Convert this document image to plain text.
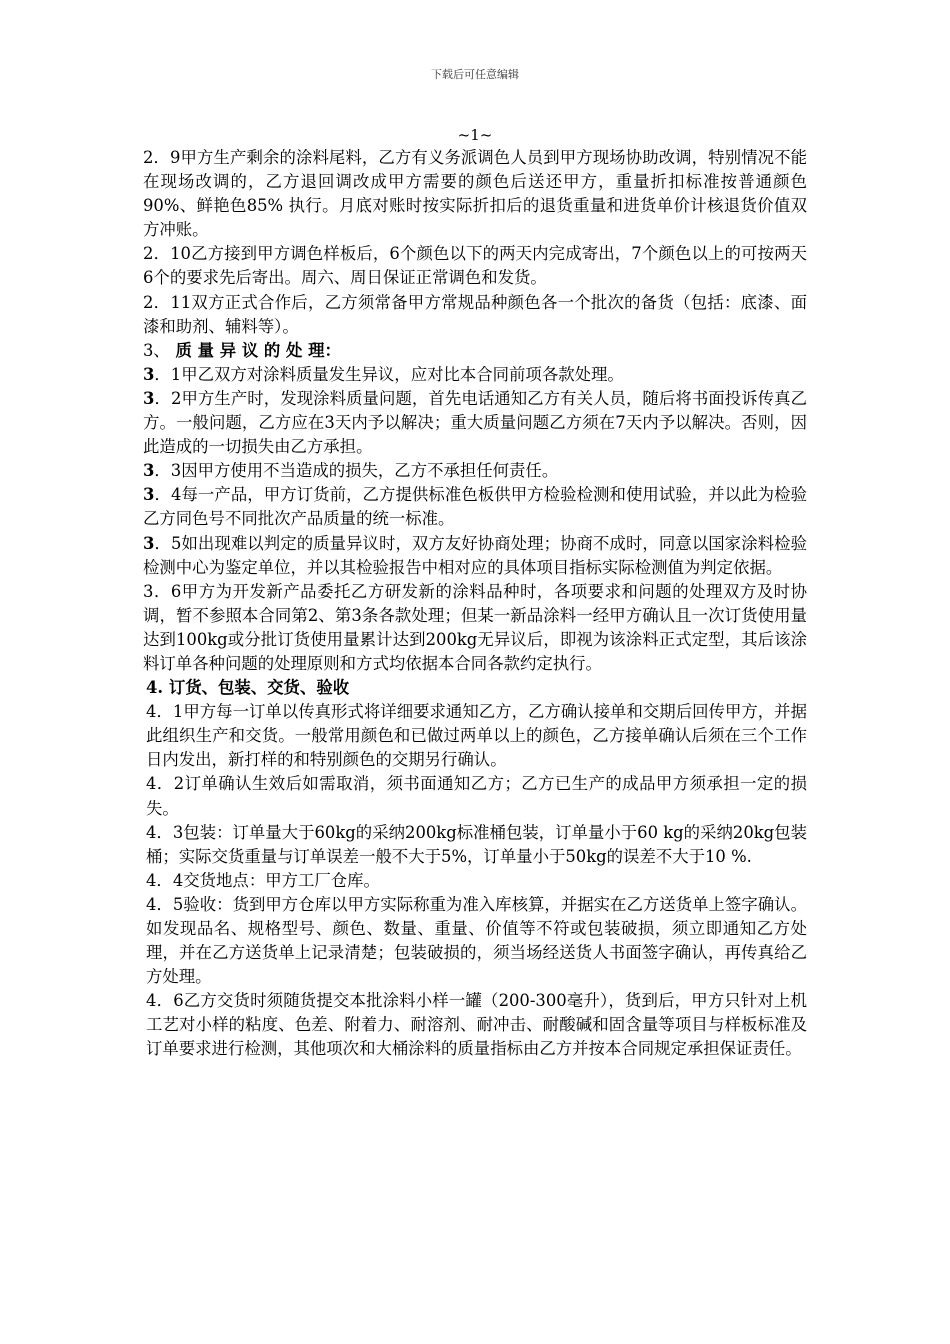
下载后可任意编辑
~1~

2．9甲方生产剩余的涂料尾料，乙方有义务派调色人员到甲方现场协助改调，特别情况不能在现场改调的，乙方退回调改成甲方需要的颜色后送还甲方，重量折扣标准按普通颜色90%、鲜艳色85% 执行。月底对账时按实际折扣后的退货重量和进货单价计核退货价值双方冲账。

2．10乙方接到甲方调色样板后，6个颜色以下的两天内完成寄出，7个颜色以上的可按两天6个的要求先后寄出。周六、周日保证正常调色和发货。

2．11双方正式合作后，乙方须常备甲方常规品种颜色各一个批次的备货（包括：底漆、面漆和助剂、辅料等）。

3、 质 量 异 议 的 处 理：

3．1甲乙双方对涂料质量发生异议，应对比本合同前项各款处理。

3．2甲方生产时，发现涂料质量问题，首先电话通知乙方有关人员，随后将书面投诉传真乙方。一般问题，乙方应在3天内予以解决；重大质量问题乙方须在7天内予以解决。否则，因此造成的一切损失由乙方承担。

3．3因甲方使用不当造成的损失，乙方不承担任何责任。

3．4每一产品，甲方订货前，乙方提供标准色板供甲方检验检测和使用试验，并以此为检验乙方同色号不同批次产品质量的统一标准。

3．5如出现难以判定的质量异议时，双方友好协商处理；协商不成时，同意以国家涂料检验检测中心为鉴定单位，并以其检验报告中相对应的具体项目指标实际检测值为判定依据。

3．6甲方为开发新产品委托乙方研发新的涂料品种时，各项要求和问题的处理双方及时协调，暂不参照本合同第2、第3条各款处理；但某一新品涂料一经甲方确认且一次订货使用量达到100kg或分批订货使用量累计达到200kg无异议后，即视为该涂料正式定型，其后该涂料订单各种问题的处理原则和方式均依据本合同各款约定执行。

4. 订货、包装、交货、验收

4．1甲方每一订单以传真形式将详细要求通知乙方，乙方确认接单和交期后回传甲方，并据此组织生产和交货。一般常用颜色和已做过两单以上的颜色，乙方接单确认后须在三个工作日内发出，新打样的和特别颜色的交期另行确认。

4．2订单确认生效后如需取消，须书面通知乙方；乙方已生产的成品甲方须承担一定的损失。

4．3包装：订单量大于60kg的采纳200kg标准桶包装，订单量小于60 kg的采纳20kg包装桶；实际交货重量与订单误差一般不大于5%，订单量小于50kg的误差不大于10 %.

4．4交货地点：甲方工厂仓库。

4．5验收：货到甲方仓库以甲方实际称重为准入库核算，并据实在乙方送货单上签字确认。如发现品名、规格型号、颜色、数量、重量、价值等不符或包装破损，须立即通知乙方处理，并在乙方送货单上记录清楚；包装破损的，须当场经送货人书面签字确认，再传真给乙方处理。

4．6乙方交货时须随货提交本批涂料小样一罐（200-300毫升），货到后，甲方只针对上机工艺对小样的粘度、色差、附着力、耐溶剂、耐冲击、耐酸碱和固含量等项目与样板标准及订单要求进行检测，其他项次和大桶涂料的质量指标由乙方并按本合同规定承担保证责任。
